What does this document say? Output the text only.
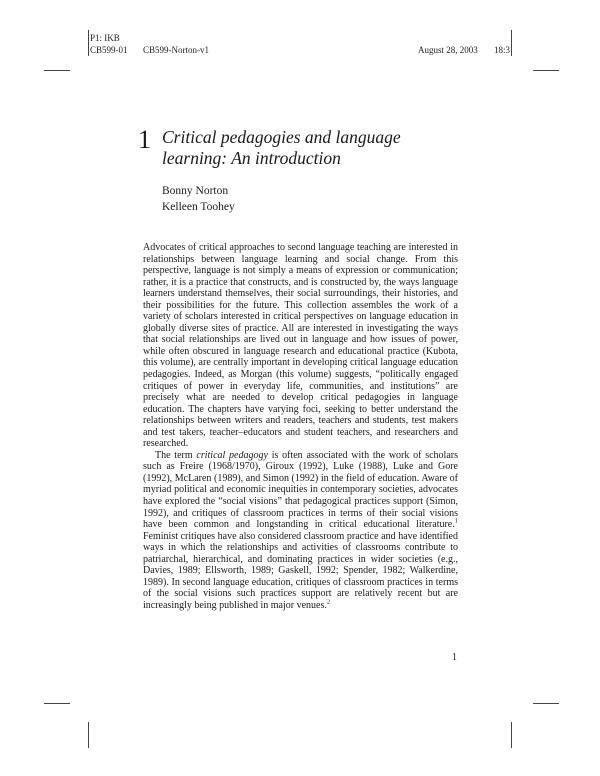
P1: IKB
CB599-01 CB599-Norton-v1	August 28, 2003 18:3
1 Critical pedagogies and language
learning: An introduction
Bonny Norton
Kelleen Toohey

Advocates of critical approaches to second language teaching are interested in relationships between language learning and social change. From this perspective, language is not simply a means of expression or communication; rather, it is a practice that constructs, and is constructed by, the ways language learners understand themselves, their social surroundings, their histories, and their possibilities for the future. This collection assembles the work of a variety of scholars interested in critical perspectives on language education in globally diverse sites of practice. All are interested in investigating the ways that social relationships are lived out in language and how issues of power, while often obscured in language research and educational practice (Kubota, this volume), are centrally important in developing critical language education pedagogies. Indeed, as Morgan (this volume) suggests, “politically engaged critiques of power in everyday life, communities, and institutions” are precisely what are needed to develop critical pedagogies in language education. The chapters have varying foci, seeking to better understand the relationships between writers and readers, teachers and students, test makers and test takers, teacher–educators and student teachers, and researchers and researched.

The term critical pedagogy is often associated with the work of scholars such as Freire (1968/1970), Giroux (1992), Luke (1988), Luke and Gore (1992), McLaren (1989), and Simon (1992) in the field of education. Aware of myriad political and economic inequities in contemporary societies, advocates have explored the “social visions” that pedagogical practices support (Simon, 1992), and critiques of classroom practices in terms of their social visions have been common and longstanding in critical educational literature.$^1$ Feminist critiques have also considered classroom practice and have identified ways in which the relationships and activities of classrooms contribute to patriarchal, hierarchical, and dominating practices in wider societies (e.g., Davies, 1989; Ellsworth, 1989; Gaskell, 1992; Spender, 1982; Walkerdine, 1989). In second language education, critiques of classroom practices in terms of the social visions such practices support are relatively recent but are increasingly being published in major venues.$^2$

1
